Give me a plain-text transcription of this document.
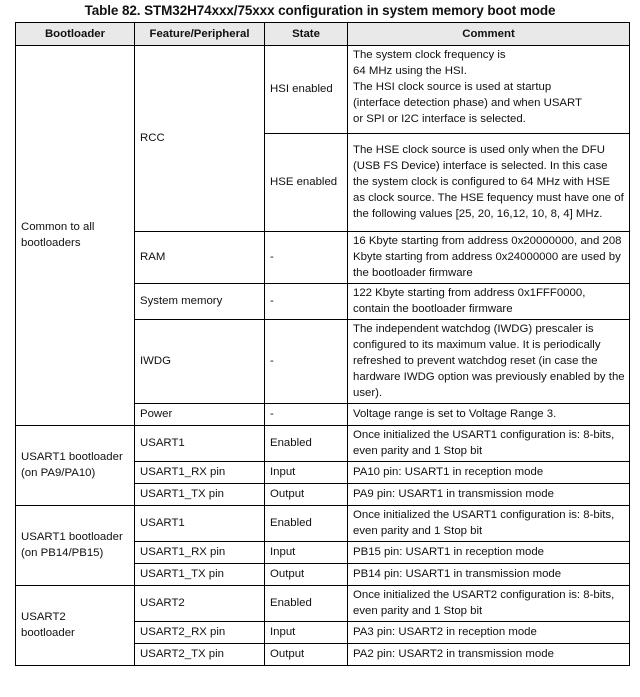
Table 82. STM32H74xxx/75xxx configuration in system memory boot mode
Bootloader	Feature/Peripheral	State	Comment
Common to all bootloaders	RCC	HSI enabled	The system clock frequency is 64 MHz using the HSI.
The HSI clock source is used at startup (interface detection phase) and when USART or SPI or I2C interface is selected.

		HSE enabled	The HSE clock source is used only when the DFU (USB FS Device) interface is selected. In this case the system clock is configured to 64 MHz with HSE as clock source. The HSE fequency must have one of the following values [25, 20, 16,12, 10, 8, 4] MHz.
	RAM	-	16 Kbyte starting from address 0x20000000, and 208 Kbyte starting from address 0x24000000 are used by the bootloader firmware
	System memory	-	122 Kbyte starting from address 0x1FFF0000, contain the bootloader firmware
	IWDG	-	The independent watchdog (IWDG) prescaler is configured to its maximum value. It is periodically refreshed to prevent watchdog reset (in case the hardware IWDG option was previously enabled by the user).
	Power	-	Voltage range is set to Voltage Range 3.
USART1 bootloader (on PA9/PA10)	USART1	Enabled	Once initialized the USART1 configuration is: 8-bits, even parity and 1 Stop bit
	USART1_RX pin	Input	PA10 pin: USART1 in reception mode
	USART1_TX pin	Output	PA9 pin: USART1 in transmission mode
USART1 bootloader (on PB14/PB15)	USART1	Enabled	Once initialized the USART1 configuration is: 8-bits, even parity and 1 Stop bit
	USART1_RX pin	Input	PB15 pin: USART1 in reception mode
	USART1_TX pin	Output	PB14 pin: USART1 in transmission mode
USART2 bootloader	USART2	Enabled	Once initialized the USART2 configuration is: 8-bits, even parity and 1 Stop bit
	USART2_RX pin	Input	PA3 pin: USART2 in reception mode
	USART2_TX pin	Output	PA2 pin: USART2 in transmission mode
